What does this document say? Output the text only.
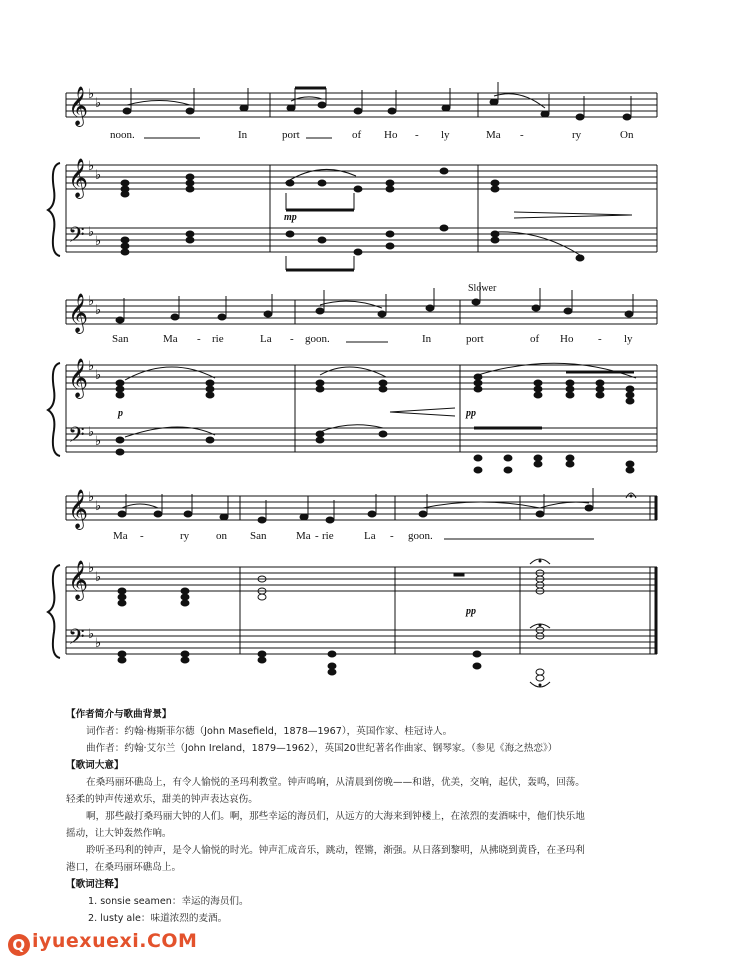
𝄞
𝄞
𝄢
𝄞
𝄞
𝄢
𝄞
𝄞
𝄢
♭
♭
♭
♭
♭
♭
♭
♭
♭
♭
♭
♭
♭
♭
♭
♭
♭
♭
mp
p	pp
pp
Slower
noon.	In	port	of Ho - ly	Ma -	ry	On
San	Ma - rie	La - goon.	In	port	of Ho - ly
Ma -	ry on San	Ma - rie	La - goon.

【作者简介与歌曲背景】

词作者：约翰·梅斯菲尔德（John Masefield，1878—1967），英国作家、桂冠诗人。

曲作者：约翰·艾尔兰（John Ireland，1879—1962），英国20世纪著名作曲家、钢琴家。（参见《海之热恋》）

【歌词大意】

在桑玛丽环礁岛上，有令人愉悦的圣玛利教堂。钟声鸣响，从清晨到傍晚——和谐，优美，交响，起伏，轰鸣，回荡。

轻柔的钟声传递欢乐，甜美的钟声表达哀伤。

啊，那些敲打桑玛丽大钟的人们。啊，那些幸运的海员们，从远方的大海来到钟楼上，在浓烈的麦酒味中，他们快乐地

摇动，让大钟轰然作响。

聆听圣玛利的钟声，是令人愉悦的时光。钟声汇成音乐，跳动，铿锵，渐强。从日落到黎明，从拂晓到黄昏，在圣玛利

港口，在桑玛丽环礁岛上。

【歌词注释】

1. sonsie seamen：幸运的海员们。

2. lusty ale：味道浓烈的麦酒。

Q iyuexuexi.COM
